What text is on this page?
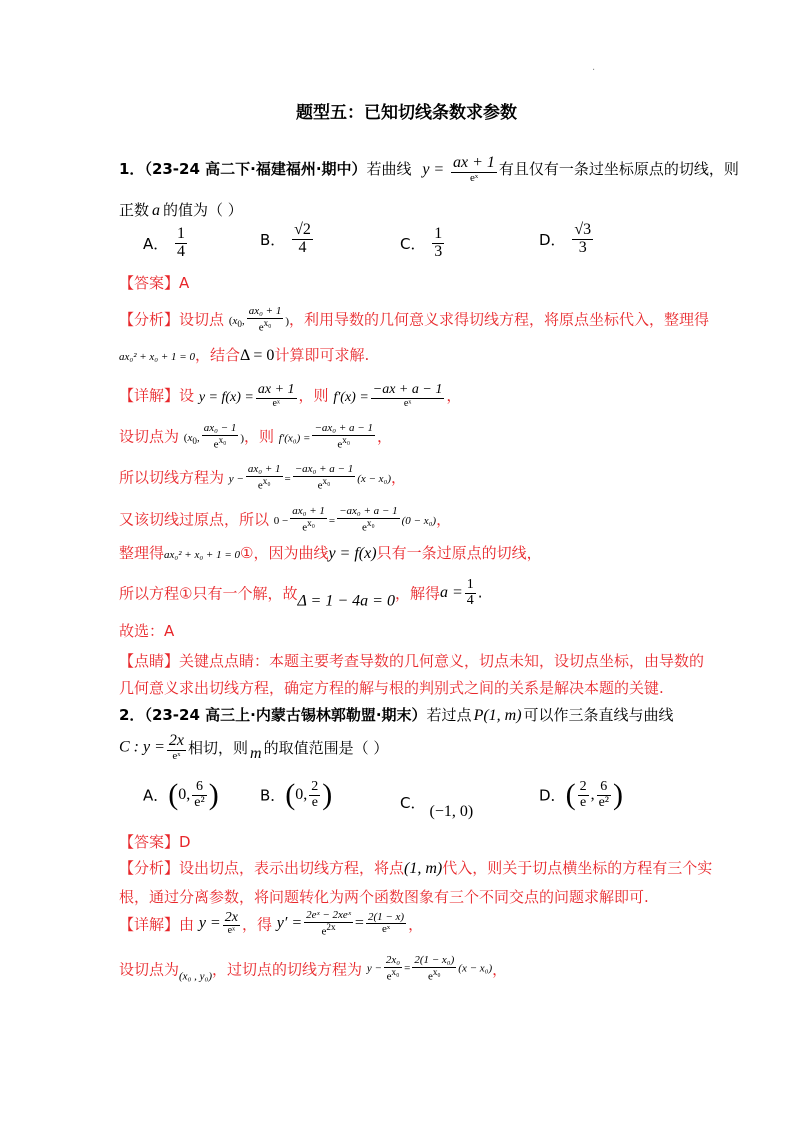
.
题型五：已知切线条数求参数
1．（23-24 高二下·福建福州·期中）若曲线 $y = \frac{ax + 1}{\text{eˣ}}$ 有且仅有一条过坐标原点的切线，则
正数 a 的值为（ ）
A． $\frac{1}{4}$	B． $\frac{√2}{4}$	C． $\frac{1}{3}$	D． $\frac{√3}{3}$
【答案】A
【分析】设切点 ($x_0$, $\frac{\text{ax₀ + 1}}{e^{x_0}}$ )，利用导数的几何意义求得切线方程，将原点坐标代入，整理得
ax₀² + x₀ + 1 = 0，结合Δ = 0计算即可求解.
【详解】设 $y = f(x) = \frac{ax + 1}{\text{eˣ}}$ ，则 $f'(x) = \frac{-ax + a - 1}{\text{eˣ}}$ ，
设切点为 ($x_0$, $\frac{\text{ax₀ − 1}}{e^{x_0}}$ )，则 $f'(x_0) = \frac{\text{−ax₀ + a − 1}}{e^{x_0}}$ ，
所以切线方程为 $y - \frac{\text{ax₀ + 1}}{e^{x_0}} = \frac{\text{−ax₀ + a − 1}}{e^{x_0}} (x - x_0)$，
又该切线过原点，所以 $0 - \frac{\text{ax₀ + 1}}{e^{x_0}} = \frac{\text{−ax₀ + a − 1}}{e^{x_0}} (0 - x_0)$，
整理得ax₀² + x₀ + 1 = 0①，因为曲线y = f(x)只有一条过原点的切线，
所以方程①只有一个解，故Δ = 1 − 4a = 0，解得$a = \frac{1}{4}$ .
故选：A
【点睛】关键点点睛：本题主要考查导数的几何意义，切点未知，设切点坐标，由导数的
几何意义求出切线方程，确定方程的解与根的判别式之间的关系是解决本题的关键.
2．（23-24 高三上·内蒙古锡林郭勒盟·期末）若过点 P(1, m) 可以作三条直线与曲线
C : $y = \frac{2x}{\text{eˣ}}$ 相切，则 m 的取值范围是（ ）
A．(0, $\frac{6}{\text{e²}}$ )	B．(0, $\frac{2}{e}$ )	C． (−1, 0)
D．( $\frac{2}{e}$ , $\frac{6}{\text{e²}}$ )
【答案】D
【分析】设出切点，表示出切线方程，将点(1, m)代入，则关于切点横坐标的方程有三个实
根，通过分离参数，将问题转化为两个函数图象有三个不同交点的问题求解即可.
【详解】由 $y = \frac{2x}{\text{eˣ}}$ ，得 $y' = \frac{\text{2eˣ − 2xeˣ}}{e^{2x}} = \frac{2(1 - x)}{\text{eˣ}}$ ，
设切点为$_{(x_0 , y_0)}$，过切点的切线方程为 $y - \frac{\text{2x₀}}{e^{x_0}} = \frac{\text{2(1 − x₀)}}{e^{x_0}} (x - x_0)$，
